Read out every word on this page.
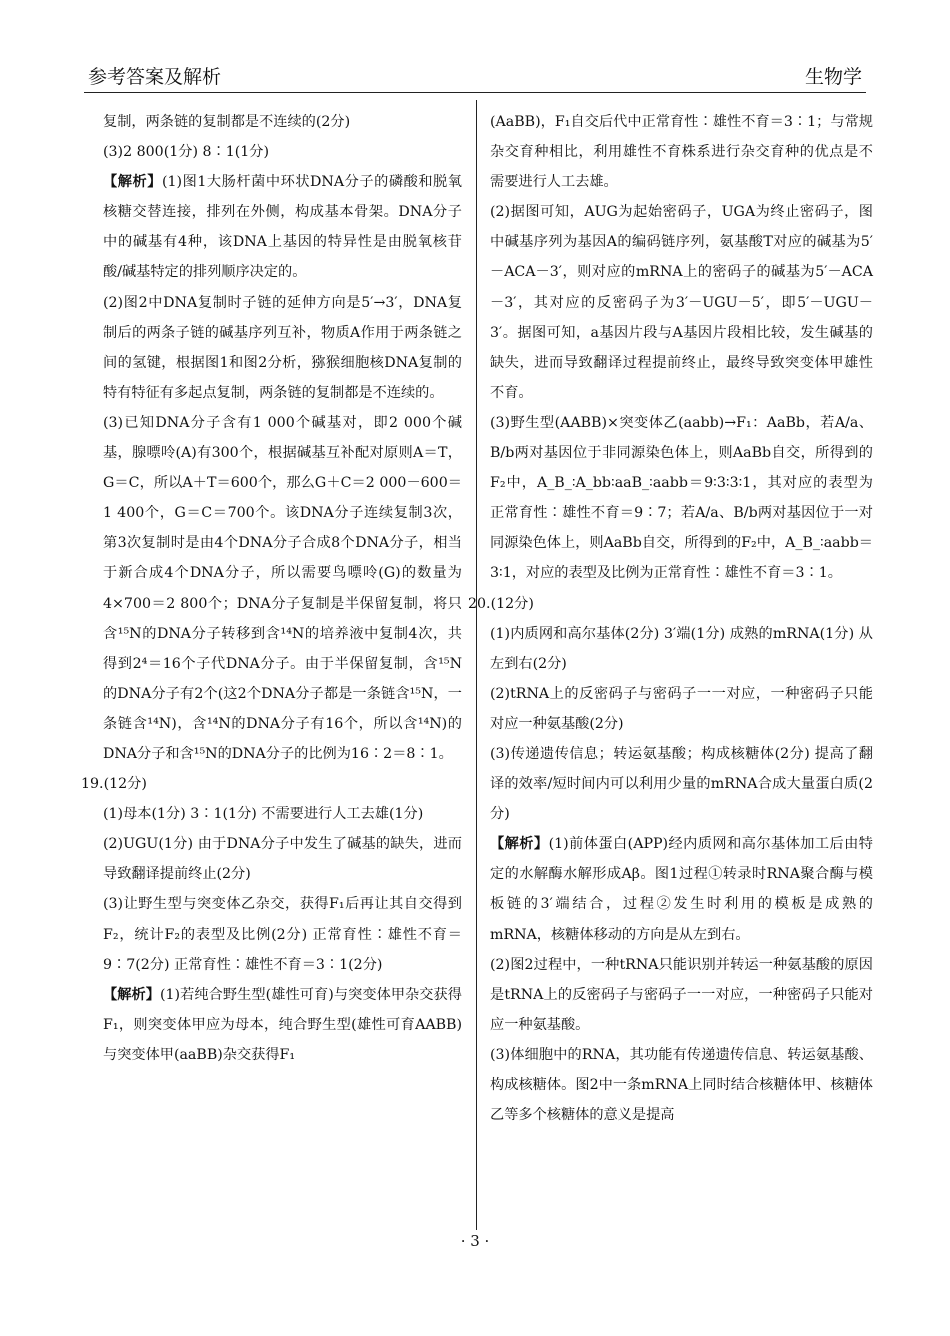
参考答案及解析	生物学

复制，两条链的复制都是不连续的(2分)

(3)2 800(1分) 8∶1(1分)

【解析】(1)图1大肠杆菌中环状DNA分子的磷酸和脱氧核糖交替连接，排列在外侧，构成基本骨架。DNA分子中的碱基有4种，该DNA上基因的特异性是由脱氧核苷酸/碱基特定的排列顺序决定的。

(2)图2中DNA复制时子链的延伸方向是5′→3′，DNA复制后的两条子链的碱基序列互补，物质A作用于两条链之间的氢键，根据图1和图2分析，猕猴细胞核DNA复制的特有特征有多起点复制，两条链的复制都是不连续的。

(3)已知DNA分子含有1 000个碱基对，即2 000个碱基，腺嘌呤(A)有300个，根据碱基互补配对原则A＝T，G＝C，所以A＋T＝600个，那么G＋C＝2 000－600＝1 400个，G＝C＝700个。该DNA分子连续复制3次，第3次复制时是由4个DNA分子合成8个DNA分子，相当于新合成4个DNA分子，所以需要鸟嘌呤(G)的数量为4×700＝2 800个；DNA分子复制是半保留复制，将只含¹⁵N的DNA分子转移到含¹⁴N的培养液中复制4次，共得到2⁴＝16个子代DNA分子。由于半保留复制，含¹⁵N的DNA分子有2个(这2个DNA分子都是一条链含¹⁵N，一条链含¹⁴N)，含¹⁴N的DNA分子有16个，所以含¹⁴N)的DNA分子和含¹⁵N的DNA分子的比例为16∶2＝8∶1。

19.(12分)

(1)母本(1分) 3∶1(1分) 不需要进行人工去雄(1分)

(2)UGU(1分) 由于DNA分子中发生了碱基的缺失，进而导致翻译提前终止(2分)

(3)让野生型与突变体乙杂交，获得F₁后再让其自交得到F₂，统计F₂的表型及比例(2分) 正常育性∶雄性不育＝9∶7(2分) 正常育性∶雄性不育＝3∶1(2分)

【解析】(1)若纯合野生型(雄性可育)与突变体甲杂交获得F₁，则突变体甲应为母本，纯合野生型(雄性可育AABB)与突变体甲(aaBB)杂交获得F₁

(AaBB)，F₁自交后代中正常育性∶雄性不育＝3∶1；与常规杂交育种相比，利用雄性不育株系进行杂交育种的优点是不需要进行人工去雄。

(2)据图可知，AUG为起始密码子，UGA为终止密码子，图中碱基序列为基因A的编码链序列，氨基酸T对应的碱基为5′－ACA－3′，则对应的mRNA上的密码子的碱基为5′－ACA－3′，其对应的反密码子为3′－UGU－5′，即5′－UGU－3′。据图可知，a基因片段与A基因片段相比较，发生碱基的缺失，进而导致翻译过程提前终止，最终导致突变体甲雄性不育。

(3)野生型(AABB)×突变体乙(aabb)→F₁：AaBb，若A/a、B/b两对基因位于非同源染色体上，则AaBb自交，所得到的F₂中，A_B_∶A_bb∶aaB_∶aabb＝9∶3∶3∶1，其对应的表型为正常育性∶雄性不育＝9∶7；若A/a、B/b两对基因位于一对同源染色体上，则AaBb自交，所得到的F₂中，A_B_∶aabb＝3∶1，对应的表型及比例为正常育性∶雄性不育＝3∶1。

20.(12分)

(1)内质网和高尔基体(2分) 3′端(1分) 成熟的mRNA(1分) 从左到右(2分)

(2)tRNA上的反密码子与密码子一一对应，一种密码子只能对应一种氨基酸(2分)

(3)传递遗传信息；转运氨基酸；构成核糖体(2分) 提高了翻译的效率/短时间内可以利用少量的mRNA合成大量蛋白质(2分)

【解析】(1)前体蛋白(APP)经内质网和高尔基体加工后由特定的水解酶水解形成Aβ。图1过程①转录时RNA聚合酶与模板链的3′端结合，过程②发生时利用的模板是成熟的mRNA，核糖体移动的方向是从左到右。

(2)图2过程中，一种tRNA只能识别并转运一种氨基酸的原因是tRNA上的反密码子与密码子一一对应，一种密码子只能对应一种氨基酸。

(3)体细胞中的RNA，其功能有传递遗传信息、转运氨基酸、构成核糖体。图2中一条mRNA上同时结合核糖体甲、核糖体乙等多个核糖体的意义是提高

· 3 ·
